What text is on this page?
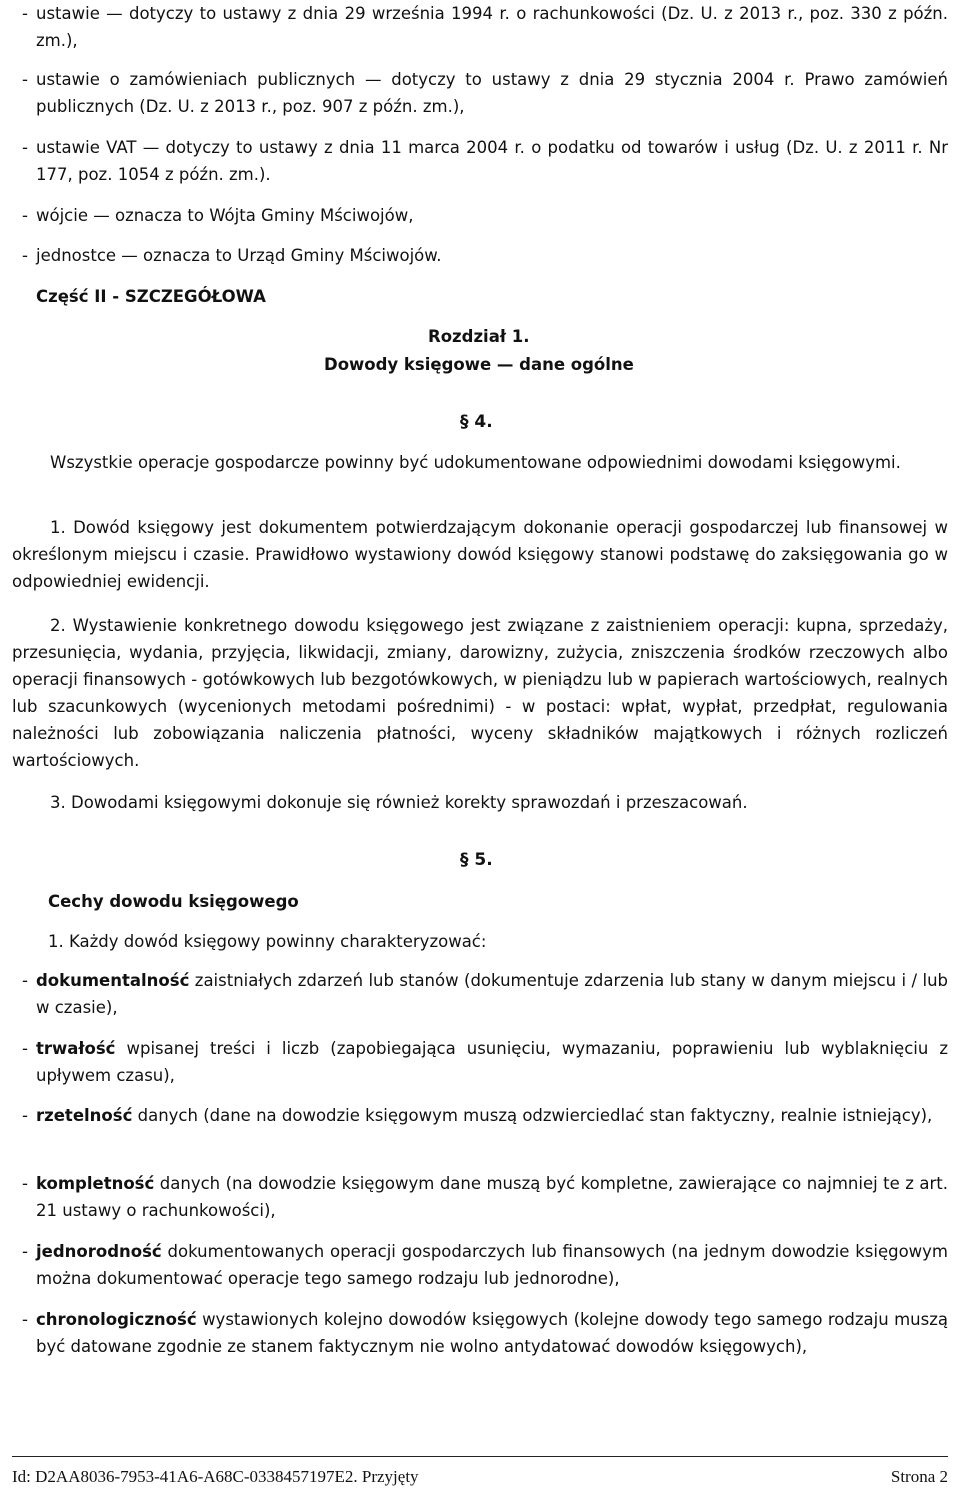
- ustawie — dotyczy to ustawy z dnia 29 września 1994 r. o rachunkowości (Dz. U. z 2013 r., poz. 330 z późn. zm.),
- ustawie o zamówieniach publicznych — dotyczy to ustawy z dnia 29 stycznia 2004 r. Prawo zamówień publicznych (Dz. U. z 2013 r., poz. 907 z późn. zm.),
- ustawie VAT — dotyczy to ustawy z dnia 11 marca 2004 r. o podatku od towarów i usług (Dz. U. z 2011 r. Nr 177, poz. 1054 z późn. zm.).
- wójcie — oznacza to Wójta Gminy Mściwojów,
- jednostce — oznacza to Urząd Gminy Mściwojów.
Część II - SZCZEGÓŁOWA
Rozdział 1.
Dowody księgowe — dane ogólne
§ 4.
Wszystkie operacje gospodarcze powinny być udokumentowane odpowiednimi dowodami księgowymi.
1. Dowód księgowy jest dokumentem potwierdzającym dokonanie operacji gospodarczej lub finansowej w określonym miejscu i czasie. Prawidłowo wystawiony dowód księgowy stanowi podstawę do zaksięgowania go w odpowiedniej ewidencji.
2. Wystawienie konkretnego dowodu księgowego jest związane z zaistnieniem operacji: kupna, sprzedaży, przesunięcia, wydania, przyjęcia, likwidacji, zmiany, darowizny, zużycia, zniszczenia środków rzeczowych albo operacji finansowych - gotówkowych lub bezgotówkowych, w pieniądzu lub w papierach wartościowych, realnych lub szacunkowych (wycenionych metodami pośrednimi) - w postaci: wpłat, wypłat, przedpłat, regulowania należności lub zobowiązania naliczenia płatności, wyceny składników majątkowych i różnych rozliczeń wartościowych.
3. Dowodami księgowymi dokonuje się również korekty sprawozdań i przeszacowań.
§ 5.
Cechy dowodu księgowego
1. Każdy dowód księgowy powinny charakteryzować:
- dokumentalność zaistniałych zdarzeń lub stanów (dokumentuje zdarzenia lub stany w danym miejscu i / lub w czasie),
- trwałość wpisanej treści i liczb (zapobiegająca usunięciu, wymazaniu, poprawieniu lub wyblaknięciu z upływem czasu),
- rzetelność danych (dane na dowodzie księgowym muszą odzwierciedlać stan faktyczny, realnie istniejący),
- kompletność danych (na dowodzie księgowym dane muszą być kompletne, zawierające co najmniej te z art. 21 ustawy o rachunkowości),
- jednorodność dokumentowanych operacji gospodarczych lub finansowych (na jednym dowodzie księgowym można dokumentować operacje tego samego rodzaju lub jednorodne),
- chronologiczność wystawionych kolejno dowodów księgowych (kolejne dowody tego samego rodzaju muszą być datowane zgodnie ze stanem faktycznym nie wolno antydatować dowodów księgowych),
Id: D2AA8036-7953-41A6-A68C-0338457197E2. Przyjęty	Strona 2
